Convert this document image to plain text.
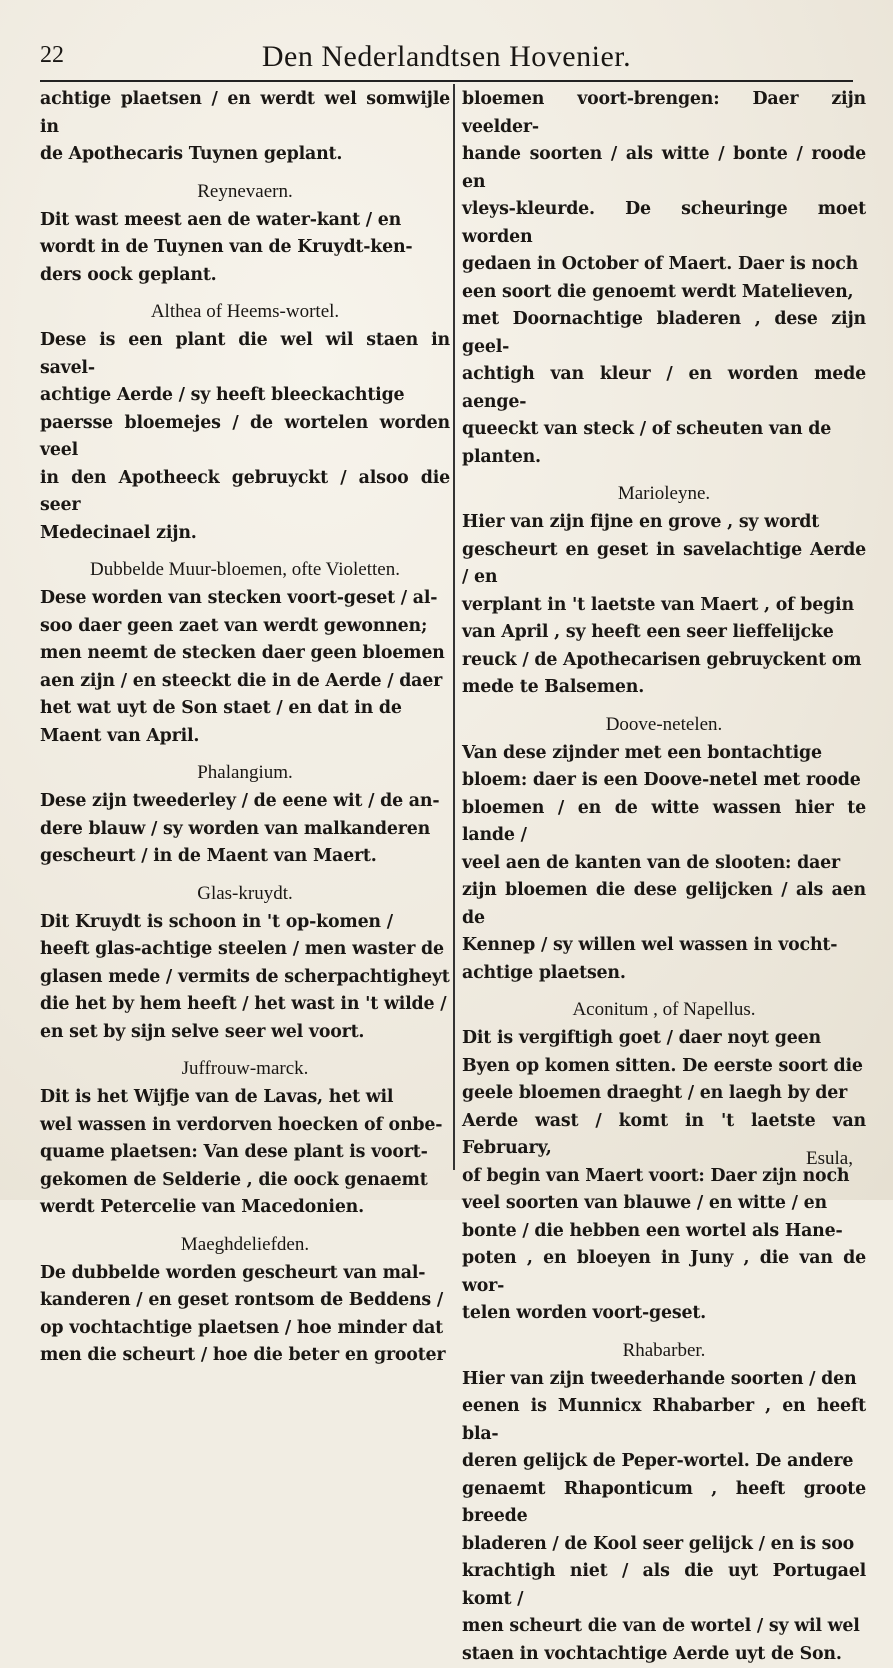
22	Den Nederlandtsen Hovenier.

achtige plaetsen / en werdt wel somwijle in
de Apothecaris Tuynen geplant.

Reynevaern.

Dit wast meest aen de water-kant / en
wordt in de Tuynen van de Kruydt-ken-
ders oock geplant.

Althea of Heems-wortel.

Dese is een plant die wel wil staen in savel-
achtige Aerde / sy heeft bleeckachtige
paersse bloemejes / de wortelen worden veel
in den Apotheeck gebruyckt / alsoo die seer
Medecinael zijn.

Dubbelde Muur-bloemen, ofte Violetten.

Dese worden van stecken voort-geset / al-
soo daer geen zaet van werdt gewonnen;
men neemt de stecken daer geen bloemen
aen zijn / en steeckt die in de Aerde / daer
het wat uyt de Son staet / en dat in de
Maent van April.

Phalangium.

Dese zijn tweederley / de eene wit / de an-
dere blauw / sy worden van malkanderen
gescheurt / in de Maent van Maert.

Glas-kruydt.

Dit Kruydt is schoon in 't op-komen /
heeft glas-achtige steelen / men waster de
glasen mede / vermits de scherpachtigheyt
die het by hem heeft / het wast in 't wilde /
en set by sijn selve seer wel voort.

Juffrouw-marck.

Dit is het Wijfje van de Lavas, het wil
wel wassen in verdorven hoecken of onbe-
quame plaetsen: Van dese plant is voort-
gekomen de Selderie , die oock genaemt
werdt Petercelie van Macedonien.

Maeghdeliefden.

De dubbelde worden gescheurt van mal-
kanderen / en geset rontsom de Beddens /
op vochtachtige plaetsen / hoe minder dat
men die scheurt / hoe die beter en grooter

bloemen voort-brengen: Daer zijn veelder-
hande soorten / als witte / bonte / roode en
vleys-kleurde. De scheuringe moet worden
gedaen in October of Maert. Daer is noch
een soort die genoemt werdt Matelieven,
met Doornachtige bladeren , dese zijn geel-
achtigh van kleur / en worden mede aenge-
queeckt van steck / of scheuten van de
planten.

Marioleyne.

Hier van zijn fijne en grove , sy wordt
gescheurt en geset in savelachtige Aerde / en
verplant in 't laetste van Maert , of begin
van April , sy heeft een seer lieffelijcke
reuck / de Apothecarisen gebruyckent om
mede te Balsemen.

Doove-netelen.

Van dese zijnder met een bontachtige
bloem: daer is een Doove-netel met roode
bloemen / en de witte wassen hier te lande /
veel aen de kanten van de slooten: daer
zijn bloemen die dese gelijcken / als aen de
Kennep / sy willen wel wassen in vocht-
achtige plaetsen.

Aconitum , of Napellus.

Dit is vergiftigh goet / daer noyt geen
Byen op komen sitten. De eerste soort die
geele bloemen draeght / en laegh by der
Aerde wast / komt in 't laetste van February,
of begin van Maert voort: Daer zijn noch
veel soorten van blauwe / en witte / en
bonte / die hebben een wortel als Hane-
poten , en bloeyen in Juny , die van de wor-
telen worden voort-geset.

Rhabarber.

Hier van zijn tweederhande soorten / den
eenen is Munnicx Rhabarber , en heeft bla-
deren gelijck de Peper-wortel. De andere
genaemt Rhaponticum , heeft groote breede
bladeren / de Kool seer gelijck / en is soo
krachtigh niet / als die uyt Portugael komt /
men scheurt die van de wortel / sy wil wel
staen in vochtachtige Aerde uyt de Son.

Esula,
